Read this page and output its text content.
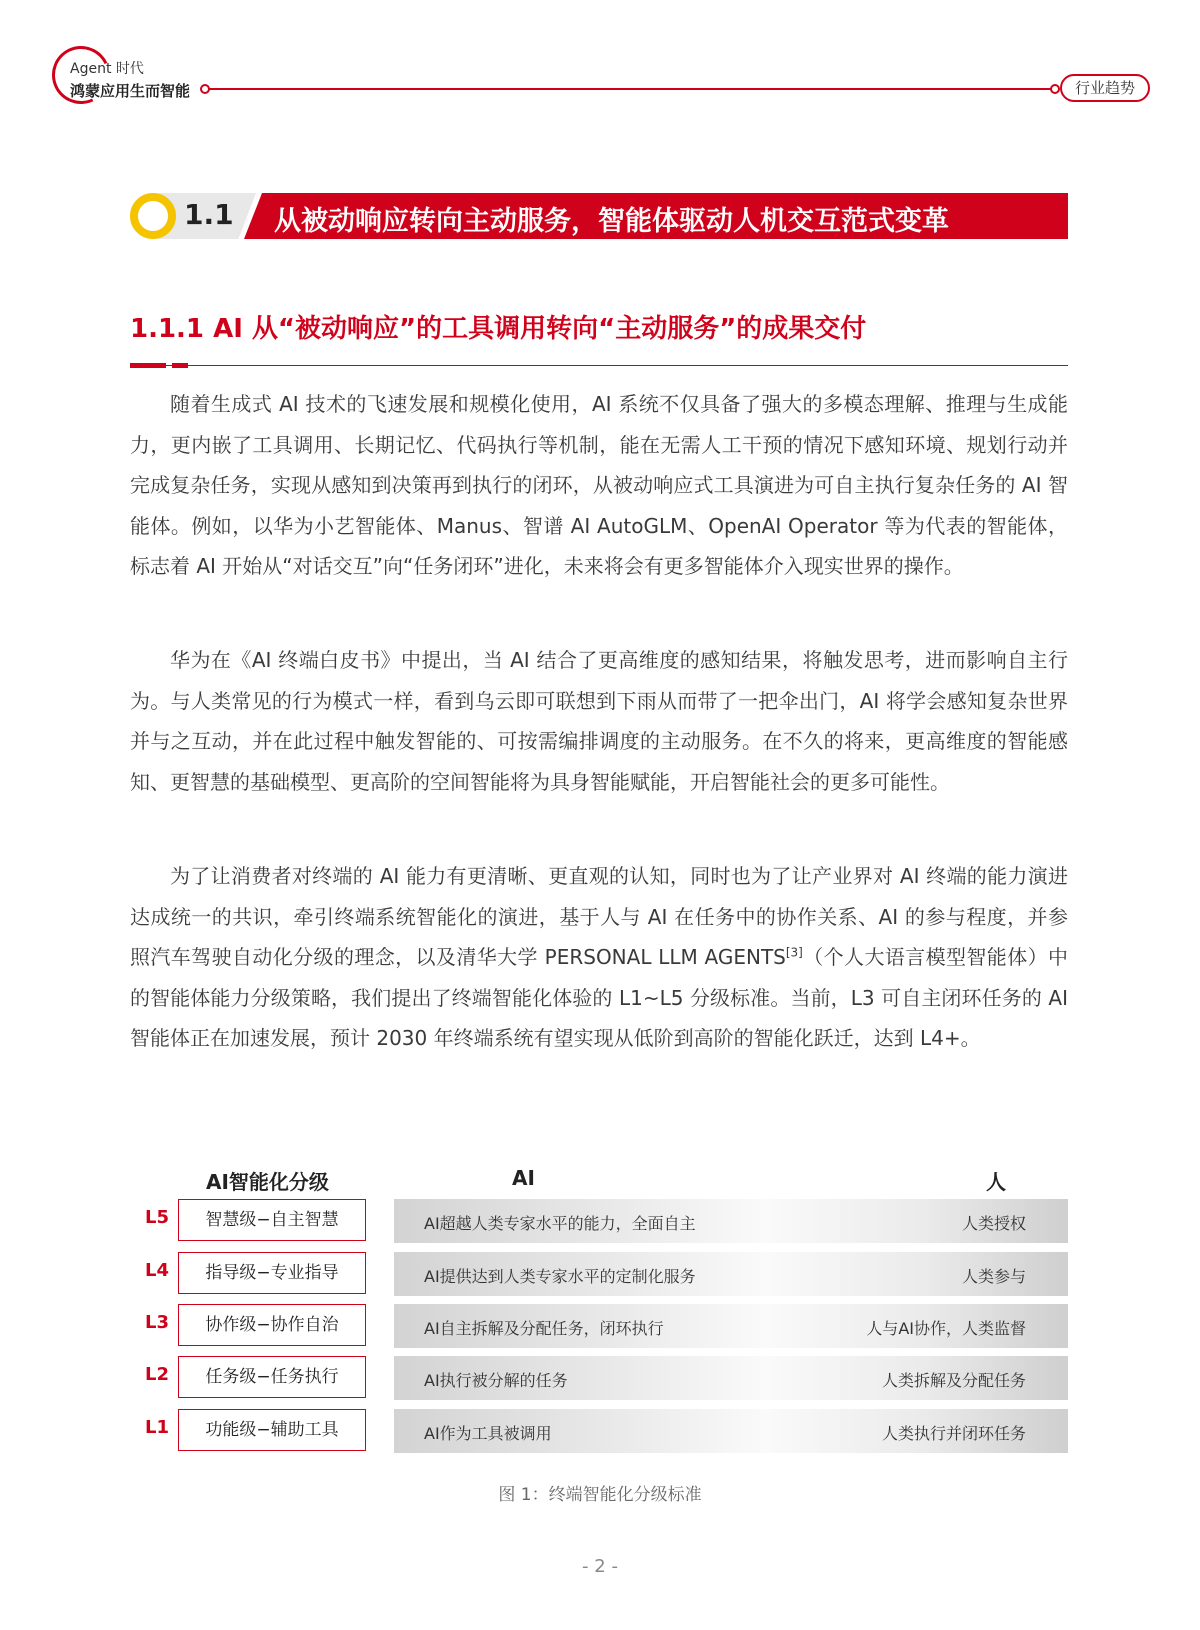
Agent 时代
鸿蒙应用生而智能	行业趋势
1.1 从被动响应转向主动服务，智能体驱动人机交互范式变革
1.1.1 AI 从“被动响应”的工具调用转向“主动服务”的成果交付

随着生成式 AI 技术的飞速发展和规模化使用，AI 系统不仅具备了强大的多模态理解、推理与生成能力，更内嵌了工具调用、长期记忆、代码执行等机制，能在无需人工干预的情况下感知环境、规划行动并完成复杂任务，实现从感知到决策再到执行的闭环，从被动响应式工具演进为可自主执行复杂任务的 AI 智能体。例如，以华为小艺智能体、Manus、智谱 AI AutoGLM、OpenAI Operator 等为代表的智能体，标志着 AI 开始从“对话交互”向“任务闭环”进化，未来将会有更多智能体介入现实世界的操作。

华为在《AI 终端白皮书》中提出，当 AI 结合了更高维度的感知结果，将触发思考，进而影响自主行为。与人类常见的行为模式一样，看到乌云即可联想到下雨从而带了一把伞出门，AI 将学会感知复杂世界并与之互动，并在此过程中触发智能的、可按需编排调度的主动服务。在不久的将来，更高维度的智能感知、更智慧的基础模型、更高阶的空间智能将为具身智能赋能，开启智能社会的更多可能性。

为了让消费者对终端的 AI 能力有更清晰、更直观的认知，同时也为了让产业界对 AI 终端的能力演进达成统一的共识，牵引终端系统智能化的演进，基于人与 AI 在任务中的协作关系、AI 的参与程度，并参照汽车驾驶自动化分级的理念，以及清华大学 PERSONAL LLM AGENTS[3]（个人大语言模型智能体）中的智能体能力分级策略，我们提出了终端智能化体验的 L1~L5 分级标准。当前，L3 可自主闭环任务的 AI 智能体正在加速发展，预计 2030 年终端系统有望实现从低阶到高阶的智能化跃迁，达到 L4+。

AI智能化分级	AI	人
L5	智慧级−自主智慧	AI超越人类专家水平的能力，全面自主	人类授权
L4	指导级−专业指导	AI提供达到人类专家水平的定制化服务	人类参与
L3	协作级−协作自治	AI自主拆解及分配任务，闭环执行	人与AI协作，人类监督
L2	任务级−任务执行	AI执行被分解的任务	人类拆解及分配任务
L1	功能级−辅助工具	AI作为工具被调用	人类执行并闭环任务
图 1：终端智能化分级标准
- 2 -
